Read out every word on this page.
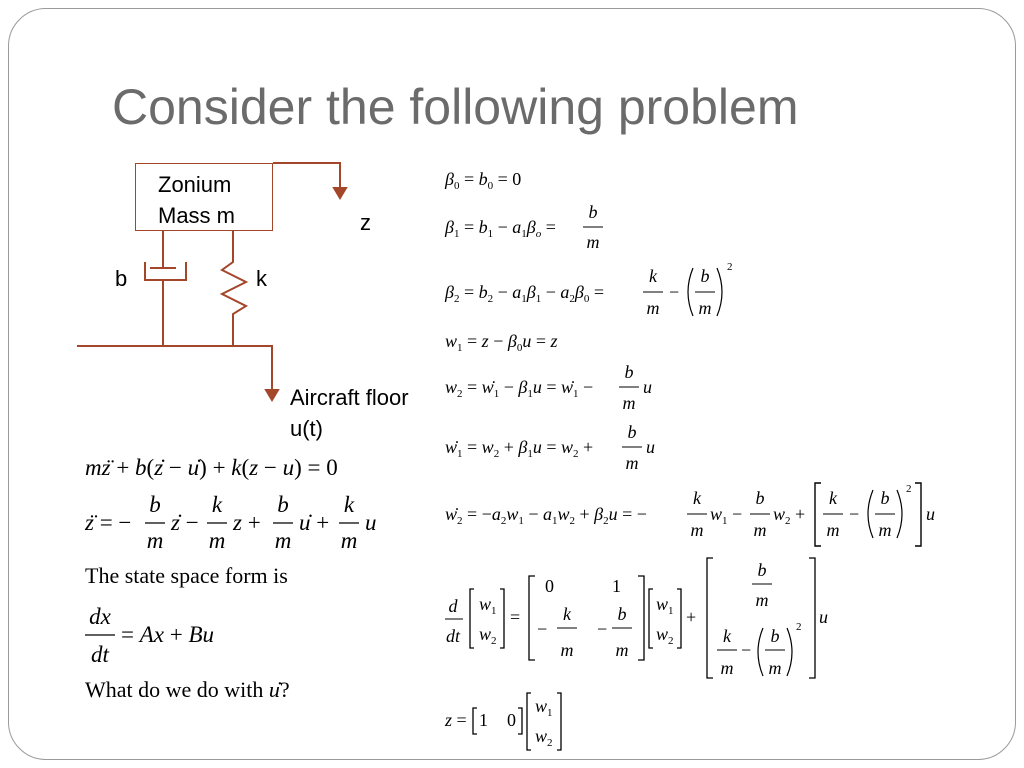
Consider the following problem
Zonium
Mass m	z
b	k
Aircraft floor
u(t)
mz̈ + b(ż − u̇) + k(z − u) = 0
z̈ = −
b
m
ż −
k
m
z +
b
m
u̇ +
k
m
u
The state space form is
dx
dt
= Ax + Bu
What do we do with u?
$\beta_0 = b_0 = 0$
$\beta_1 = b_1 - a_1\beta_o$ =
b
m
$\beta_2 = b_2 - a_1\beta_1 - a_2\beta_0$ =
k
m
−
b
m
2
$w_1 = z - \beta_0u = z$
$w_2 = w_1 - \beta_1u = w_1$ −
b
m
u
$w_1 = w_2 + \beta_1u = w_2$ +
b
m
u
$w_2 = -a_2w_1 - a_1w_2 + \beta_2u$ = −
k
m
$w_1$ −
b
m
$w_2$ +
k
m
−
b
m
2
u
d
dt
$w_1$
$w_2$
=
0	1
−
k
m
−
b
m
$w_1$
$w_2$
+
b
m
k
m
−
b
m
2 u
z = 1 0
$w_1$
$w_2$
